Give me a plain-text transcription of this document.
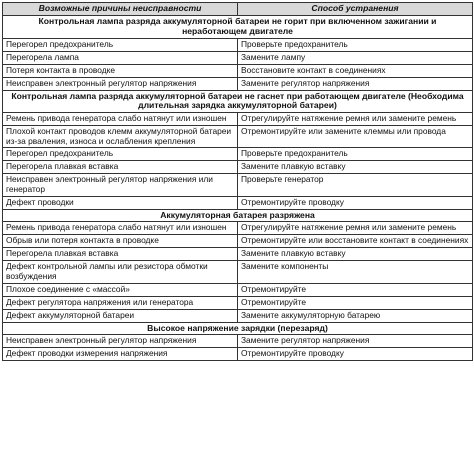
Возможные причины неисправности	Способ устранения
Контрольная лампа разряда аккумуляторной батареи не горит при включенном зажигании и неработающем двигателе	
Перегорел предохранитель	Проверьте предохранитель
Перегорела лампа	Замените лампу
Потеря контакта в проводке	Восстановите контакт в соединениях
Неисправен электронный регулятор напряжения	Замените регулятор напряжения
Контрольная лампа разряда аккумуляторной батареи не гаснет при работающем двигателе (Необходима длительная зарядка аккумуляторной батареи)	
Ремень привода генератора слабо натянут или изношен	Отрегулируйте натяжение ремня или замените ремень
Плохой контакт проводов клемм аккумуляторной батареи из-за рваления, износа и ослабления крепления	Отремонтируйте или замените клеммы или провода
Перегорел предохранитель	Проверьте предохранитель
Перегорела плавкая вставка	Замените плавкую вставку
Неисправен электронный регулятор напряжения или генератор	Проверьте генератор
Дефект проводки	Отремонтируйте проводку
Аккумуляторная батарея разряжена	
Ремень привода генератора слабо натянут или изношен	Отрегулируйте натяжение ремня или замените ремень
Обрыв или потеря контакта в проводке	Отремонтируйте или восстановите контакт в соединениях
Перегорела плавкая вставка	Замените плавкую вставку
Дефект контрольной лампы или резистора обмотки возбуждения	Замените компоненты
Плохое соединение с «массой»	Отремонтируйте
Дефект регулятора напряжения или генератора	Отремонтируйте
Дефект аккумуляторной батареи	Замените аккумуляторную батарею
Высокое напряжение зарядки (перезаряд)	
Неисправен электронный регулятор напряжения	Замените регулятор напряжения
Дефект проводки измерения напряжения	Отремонтируйте проводку
